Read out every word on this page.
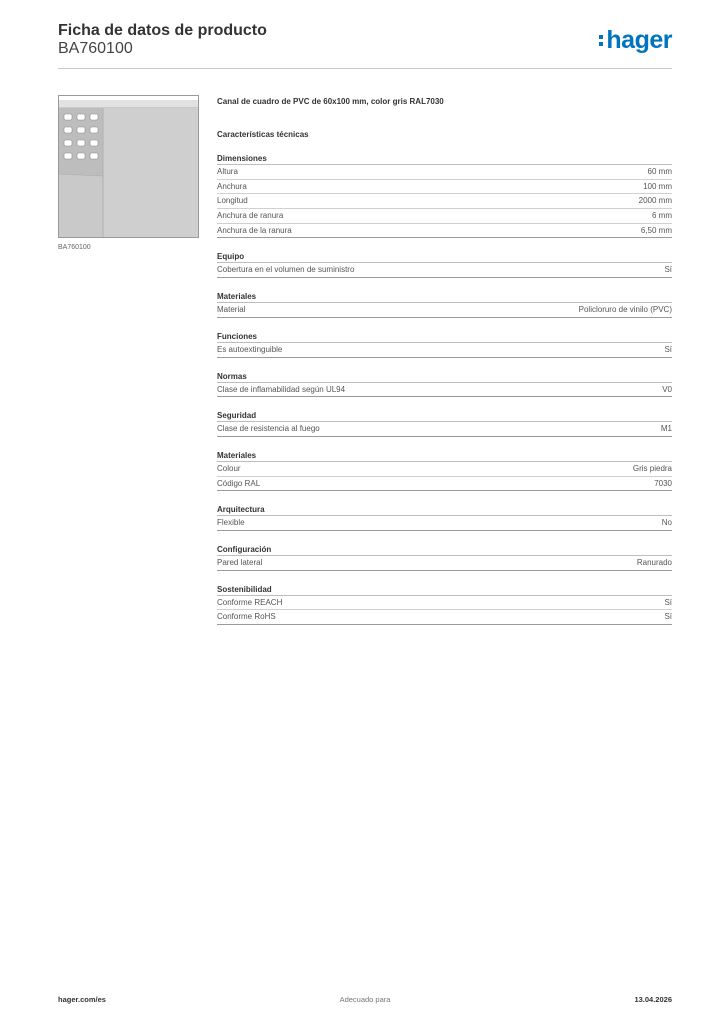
Ficha de datos de producto
BA760100	hager
BA760100
Canal de cuadro de PVC de 60x100 mm, color gris RAL7030
Características técnicas
Dimensiones
Altura	60 mm
Anchura	100 mm
Longitud	2000 mm
Anchura de ranura	6 mm
Anchura de la ranura	6,50 mm
Equipo
Cobertura en el volumen de suministro	Sí
Materiales
Material	Policloruro de vinilo (PVC)
Funciones
Es autoextinguible	Sí
Normas
Clase de inflamabilidad según UL94	V0
Seguridad
Clase de resistencia al fuego	M1
Materiales
Colour	Gris piedra
Código RAL	7030
Arquitectura
Flexible	No
Configuración
Pared lateral	Ranurado
Sostenibilidad
Conforme REACH	Sí
Conforme RoHS	Sí
hager.com/es	Adecuado para	13.04.2026
